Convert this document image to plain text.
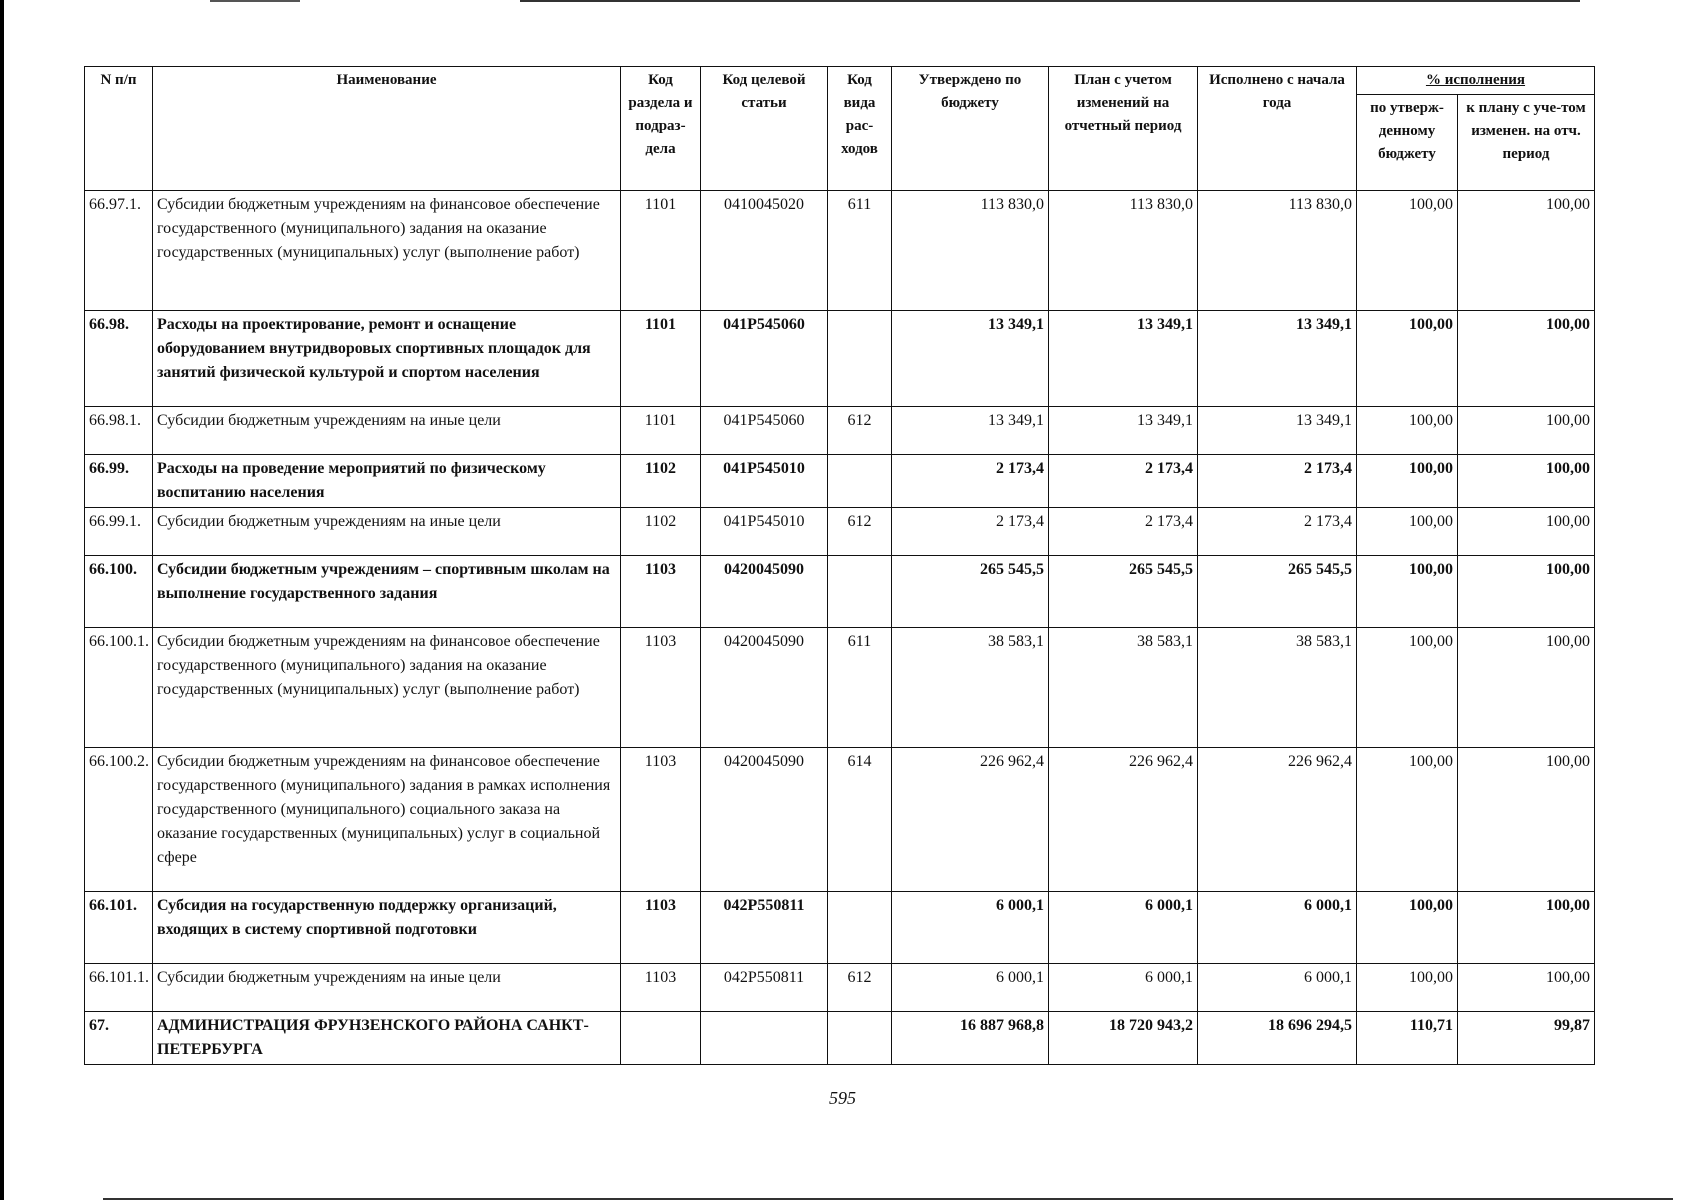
N п/п	Наименование	Код раздела и подраз-дела	Код целевой статьи	Код вида рас-ходов	Утверждено по бюджету	План с учетом изменений на отчетный период	Исполнено с начала года	% исполнения	
								по утверж-денному бюджету	к плану с уче-том изменен. на отч. период
66.97.1.	Субсидии бюджетным учреждениям на финансовое обеспечение государственного (муниципального) задания на оказание государственных (муниципальных) услуг (выполнение работ)	1101	0410045020	611	113 830,0	113 830,0	113 830,0	100,00	100,00
66.98.	Расходы на проектирование, ремонт и оснащение оборудованием внутридворовых спортивных площадок для занятий физической культурой и спортом населения	1101	041P545060		13 349,1	13 349,1	13 349,1	100,00	100,00
66.98.1.	Субсидии бюджетным учреждениям на иные цели	1101	041P545060	612	13 349,1	13 349,1	13 349,1	100,00	100,00
66.99.	Расходы на проведение мероприятий по физическому воспитанию населения	1102	041P545010		2 173,4	2 173,4	2 173,4	100,00	100,00
66.99.1.	Субсидии бюджетным учреждениям на иные цели	1102	041P545010	612	2 173,4	2 173,4	2 173,4	100,00	100,00
66.100.	Субсидии бюджетным учреждениям – спортивным школам на выполнение государственного задания	1103	0420045090		265 545,5	265 545,5	265 545,5	100,00	100,00
66.100.1.	Субсидии бюджетным учреждениям на финансовое обеспечение государственного (муниципального) задания на оказание государственных (муниципальных) услуг (выполнение работ)	1103	0420045090	611	38 583,1	38 583,1	38 583,1	100,00	100,00
66.100.2.	Субсидии бюджетным учреждениям на финансовое обеспечение государственного (муниципального) задания в рамках исполнения государственного (муниципального) социального заказа на оказание государственных (муниципальных) услуг в социальной сфере	1103	0420045090	614	226 962,4	226 962,4	226 962,4	100,00	100,00
66.101.	Субсидия на государственную поддержку организаций, входящих в систему спортивной подготовки	1103	042P550811		6 000,1	6 000,1	6 000,1	100,00	100,00
66.101.1.	Субсидии бюджетным учреждениям на иные цели	1103	042P550811	612	6 000,1	6 000,1	6 000,1	100,00	100,00
67.	АДМИНИСТРАЦИЯ ФРУНЗЕНСКОГО РАЙОНА САНКТ-ПЕТЕРБУРГА				16 887 968,8	18 720 943,2	18 696 294,5	110,71	99,87
595
